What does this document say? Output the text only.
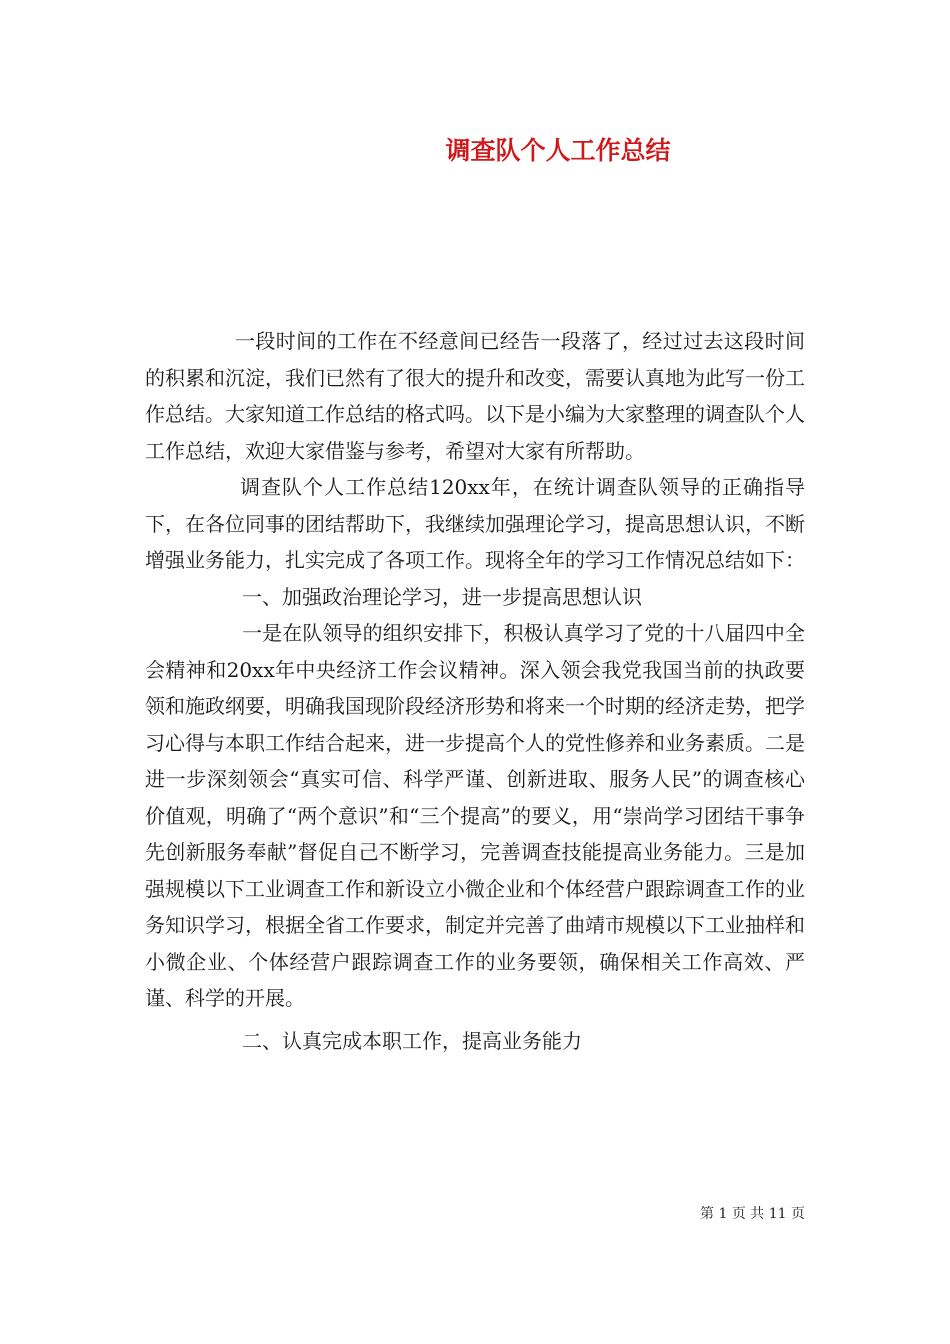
调查队个人工作总结

一段时间的工作在不经意间已经告一段落了，经过过去这段时间的积累和沉淀，我们已然有了很大的提升和改变，需要认真地为此写一份工作总结。大家知道工作总结的格式吗。以下是小编为大家整理的调查队个人工作总结，欢迎大家借鉴与参考，希望对大家有所帮助。

调查队个人工作总结120xx年，在统计调查队领导的正确指导下，在各位同事的团结帮助下，我继续加强理论学习，提高思想认识，不断增强业务能力，扎实完成了各项工作。现将全年的学习工作情况总结如下：

一、加强政治理论学习，进一步提高思想认识

一是在队领导的组织安排下，积极认真学习了党的十八届四中全会精神和20xx年中央经济工作会议精神。深入领会我党我国当前的执政要领和施政纲要，明确我国现阶段经济形势和将来一个时期的经济走势，把学习心得与本职工作结合起来，进一步提高个人的党性修养和业务素质。二是进一步深刻领会“真实可信、科学严谨、创新进取、服务人民”的调查核心价值观，明确了“两个意识”和“三个提高”的要义，用“崇尚学习团结干事争先创新服务奉献”督促自己不断学习，完善调查技能提高业务能力。三是加强规模以下工业调查工作和新设立小微企业和个体经营户跟踪调查工作的业务知识学习，根据全省工作要求，制定并完善了曲靖市规模以下工业抽样和小微企业、个体经营户跟踪调查工作的业务要领，确保相关工作高效、严谨、科学的开展。

二、认真完成本职工作，提高业务能力

第 1 页 共 11 页
